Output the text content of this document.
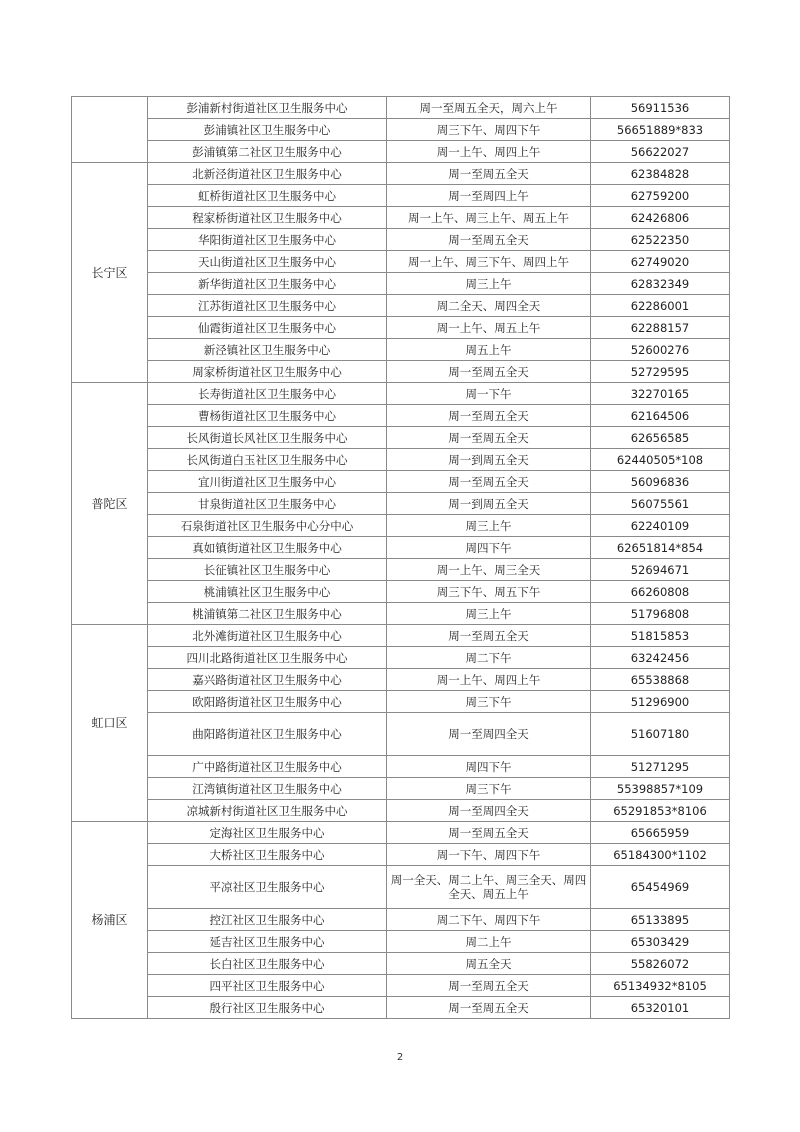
	彭浦新村街道社区卫生服务中心	周一至周五全天，周六上午	56911536
	彭浦镇社区卫生服务中心	周三下午、周四下午	56651889*833
	彭浦镇第二社区卫生服务中心	周一上午、周四上午	56622027
长宁区	北新泾街道社区卫生服务中心	周一至周五全天	62384828
	虹桥街道社区卫生服务中心	周一至周四上午	62759200
	程家桥街道社区卫生服务中心	周一上午、周三上午、周五上午	62426806
	华阳街道社区卫生服务中心	周一至周五全天	62522350
	天山街道社区卫生服务中心	周一上午、周三下午、周四上午	62749020
	新华街道社区卫生服务中心	周三上午	62832349
	江苏街道社区卫生服务中心	周二全天、周四全天	62286001
	仙霞街道社区卫生服务中心	周一上午、周五上午	62288157
	新泾镇社区卫生服务中心	周五上午	52600276
	周家桥街道社区卫生服务中心	周一至周五全天	52729595
普陀区	长寿街道社区卫生服务中心	周一下午	32270165
	曹杨街道社区卫生服务中心	周一至周五全天	62164506
	长风街道长风社区卫生服务中心	周一至周五全天	62656585
	长风街道白玉社区卫生服务中心	周一到周五全天	62440505*108
	宜川街道社区卫生服务中心	周一至周五全天	56096836
	甘泉街道社区卫生服务中心	周一到周五全天	56075561
	石泉街道社区卫生服务中心分中心	周三上午	62240109
	真如镇街道社区卫生服务中心	周四下午	62651814*854
	长征镇社区卫生服务中心	周一上午、周三全天	52694671
	桃浦镇社区卫生服务中心	周三下午、周五下午	66260808
	桃浦镇第二社区卫生服务中心	周三上午	51796808
虹口区	北外滩街道社区卫生服务中心	周一至周五全天	51815853
	四川北路街道社区卫生服务中心	周二下午	63242456
	嘉兴路街道社区卫生服务中心	周一上午、周四上午	65538868
	欧阳路街道社区卫生服务中心	周三下午	51296900
	曲阳路街道社区卫生服务中心	周一至周四全天	51607180
	广中路街道社区卫生服务中心	周四下午	51271295
	江湾镇街道社区卫生服务中心	周三下午	55398857*109
	凉城新村街道社区卫生服务中心	周一至周四全天	65291853*8106
杨浦区	定海社区卫生服务中心	周一至周五全天	65665959
	大桥社区卫生服务中心	周一下午、周四下午	65184300*1102
	平凉社区卫生服务中心	周一全天、周二上午、周三全天、周四全天、周五上午	65454969
	控江社区卫生服务中心	周二下午、周四下午	65133895
	延吉社区卫生服务中心	周二上午	65303429
	长白社区卫生服务中心	周五全天	55826072
	四平社区卫生服务中心	周一至周五全天	65134932*8105
	殷行社区卫生服务中心	周一至周五全天	65320101
2
